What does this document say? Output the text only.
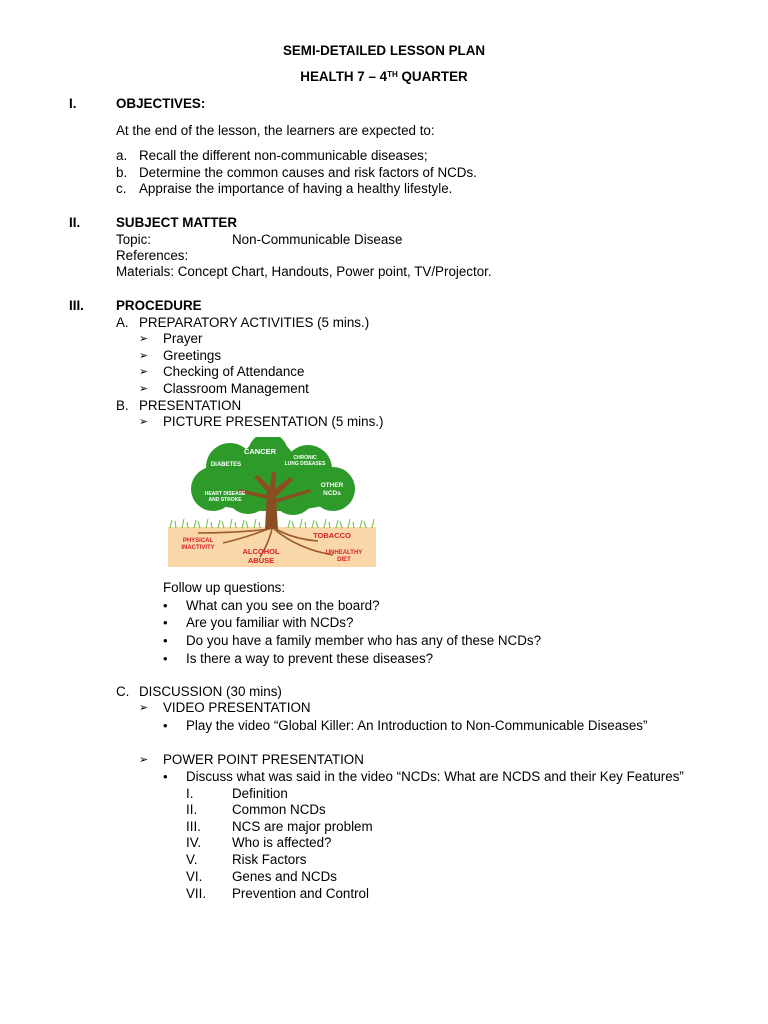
SEMI-DETAILED LESSON PLAN
HEALTH 7 – 4TH QUARTER
I.	OBJECTIVES:
At the end of the lesson, the learners are expected to:
a. Recall the different non-communicable diseases;
b. Determine the common causes and risk factors of NCDs.
c. Appraise the importance of having a healthy lifestyle.
II.	SUBJECT MATTER
Topic:	Non-Communicable Disease
References:
Materials: Concept Chart, Handouts, Power point, TV/Projector.
III. PROCEDURE
A. PREPARATORY ACTIVITIES (5 mins.)
➢ Prayer
➢ Greetings
➢ Checking of Attendance
➢ Classroom Management
B. PRESENTATION
➢ PICTURE PRESENTATION (5 mins.)
CANCER
CHRONIC
LUNG DISEASES
DIABETES
OTHER
NCDs
HEART DISEASE
AND STROKE
PHYSICAL
INACTIVITY
TOBACCO
ALCOHOL
ABUSE
UNHEALTHY
DIET
Follow up questions:
• What can you see on the board?
• Are you familiar with NCDs?
• Do you have a family member who has any of these NCDs?
• Is there a way to prevent these diseases?
C. DISCUSSION (30 mins)
➢ VIDEO PRESENTATION
• Play the video “Global Killer: An Introduction to Non-Communicable Diseases”
➢ POWER POINT PRESENTATION
• Discuss what was said in the video “NCDs: What are NCDS and their Key Features”
I.	Definition
II.	Common NCDs
III. NCS are major problem
IV. Who is affected?
V.	Risk Factors
VI. Genes and NCDs
VII. Prevention and Control
